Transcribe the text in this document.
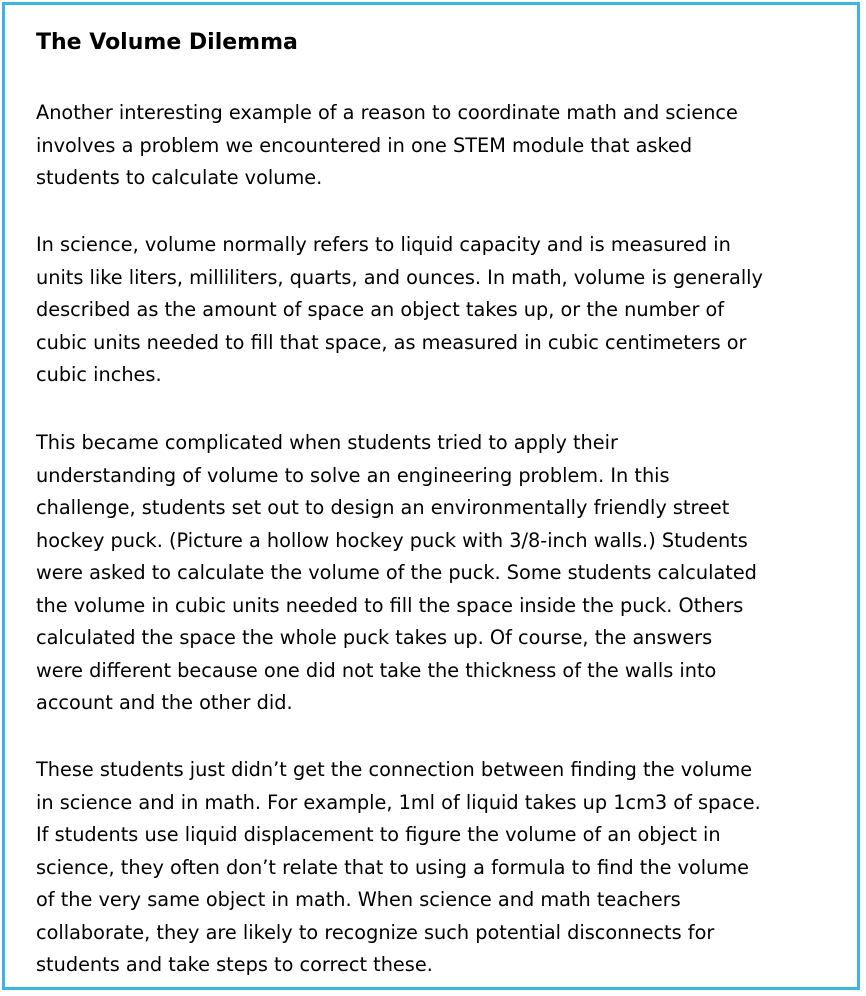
The Volume Dilemma

Another interesting example of a reason to coordinate math and science
involves a problem we encountered in one STEM module that asked
students to calculate volume.

In science, volume normally refers to liquid capacity and is measured in
units like liters, milliliters, quarts, and ounces. In math, volume is generally
described as the amount of space an object takes up, or the number of
cubic units needed to fill that space, as measured in cubic centimeters or
cubic inches.

This became complicated when students tried to apply their
understanding of volume to solve an engineering problem. In this
challenge, students set out to design an environmentally friendly street
hockey puck. (Picture a hollow hockey puck with 3/8-inch walls.) Students
were asked to calculate the volume of the puck. Some students calculated
the volume in cubic units needed to fill the space inside the puck. Others
calculated the space the whole puck takes up. Of course, the answers
were different because one did not take the thickness of the walls into
account and the other did.

These students just didn’t get the connection between finding the volume
in science and in math. For example, 1ml of liquid takes up 1cm3 of space.
If students use liquid displacement to figure the volume of an object in
science, they often don’t relate that to using a formula to find the volume
of the very same object in math. When science and math teachers
collaborate, they are likely to recognize such potential disconnects for
students and take steps to correct these.
